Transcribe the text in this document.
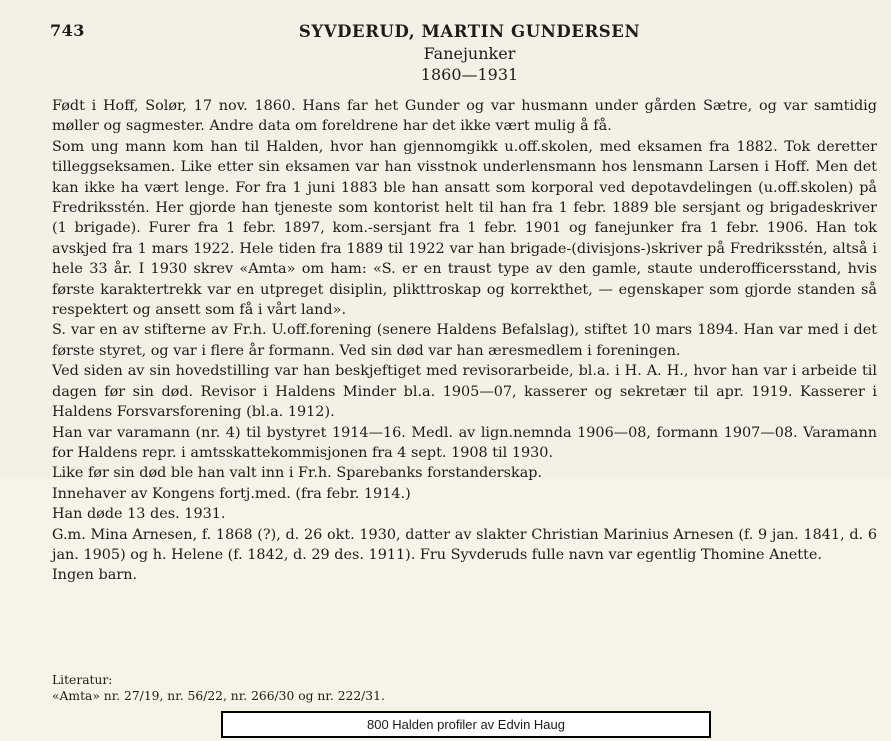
743	SYVDERUD, MARTIN GUNDERSEN
Fanejunker
1860—1931

Født i Hoff, Solør, 17 nov. 1860. Hans far het Gunder og var husmann under gården Sætre, og var samtidig møller og sagmester. Andre data om foreldrene har det ikke vært mulig å få.

Som ung mann kom han til Halden, hvor han gjennomgikk u.off.skolen, med eksamen fra 1882. Tok deretter tilleggseksamen. Like etter sin eksamen var han visstnok underlensmann hos lensmann Larsen i Hoff. Men det kan ikke ha vært lenge. For fra 1 juni 1883 ble han ansatt som korporal ved depotavdelingen (u.off.skolen) på Fredriksstén. Her gjorde han tjeneste som kontorist helt til han fra 1 febr. 1889 ble sersjant og brigadeskriver (1 brigade). Furer fra 1 febr. 1897, kom.-sersjant fra 1 febr. 1901 og fanejunker fra 1 febr. 1906. Han tok avskjed fra 1 mars 1922. Hele tiden fra 1889 til 1922 var han brigade-(divisjons-)skriver på Fredriksstén, altså i hele 33 år. I 1930 skrev «Amta» om ham: «S. er en traust type av den gamle, staute underofficersstand, hvis første karaktertrekk var en utpreget disiplin, plikttroskap og korrekthet, — egenskaper som gjorde standen så respektert og ansett som få i vårt land».

S. var en av stifterne av Fr.h. U.off.forening (senere Haldens Befalslag), stiftet 10 mars 1894. Han var med i det første styret, og var i flere år formann. Ved sin død var han æresmedlem i foreningen.

Ved siden av sin hovedstilling var han beskjeftiget med revisorarbeide, bl.a. i H. A. H., hvor han var i arbeide til dagen før sin død. Revisor i Haldens Minder bl.a. 1905—07, kasserer og sekretær til apr. 1919. Kasserer i Haldens Forsvarsforening (bl.a. 1912).

Han var varamann (nr. 4) til bystyret 1914—16. Medl. av lign.nemnda 1906—08, formann 1907—08. Varamann for Haldens repr. i amtsskattekommisjonen fra 4 sept. 1908 til 1930.

Like før sin død ble han valt inn i Fr.h. Sparebanks forstanderskap.

Innehaver av Kongens fortj.med. (fra febr. 1914.)

Han døde 13 des. 1931.

G.m. Mina Arnesen, f. 1868 (?), d. 26 okt. 1930, datter av slakter Christian Marinius Arnesen (f. 9 jan. 1841, d. 6 jan. 1905) og h. Helene (f. 1842, d. 29 des. 1911). Fru Syvderuds fulle navn var egentlig Thomine Anette.

Ingen barn.

Literatur:
«Amta» nr. 27/19, nr. 56/22, nr. 266/30 og nr. 222/31.
800 Halden profiler av Edvin Haug
